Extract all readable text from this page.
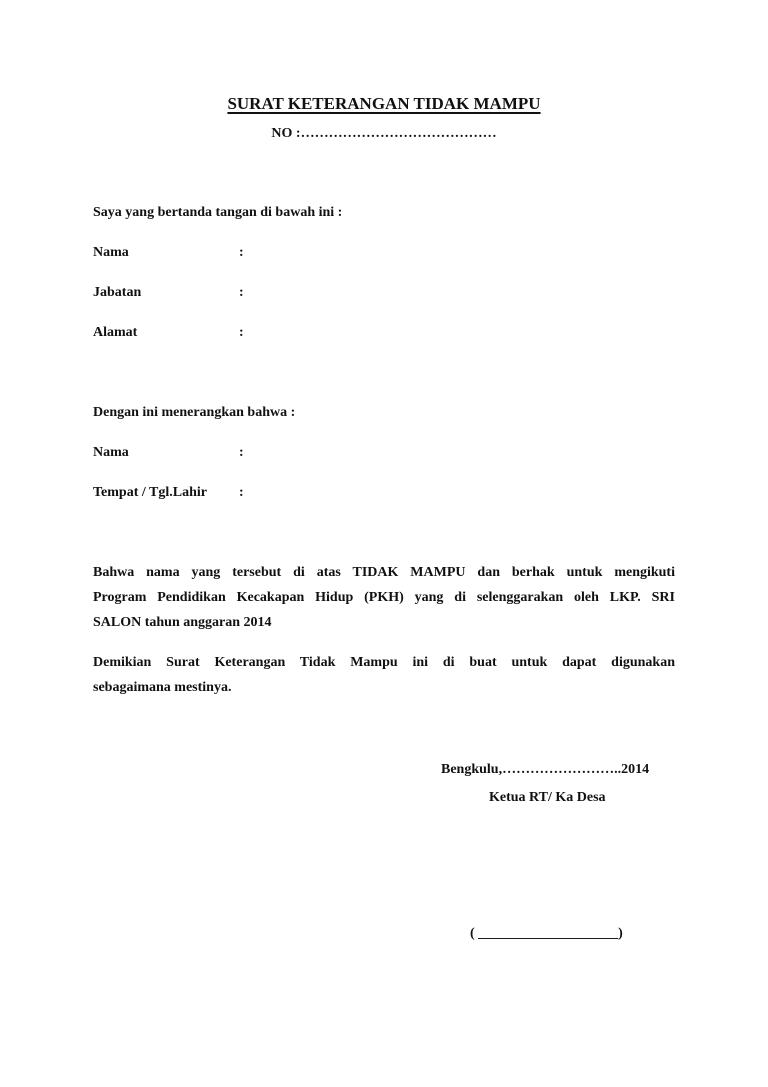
SURAT KETERANGAN TIDAK MAMPU
NO :……………………………………
Saya yang bertanda tangan di bawah ini :
Nama	:
Jabatan	:
Alamat	:
Dengan ini menerangkan bahwa :
Nama	:
Tempat / Tgl.Lahir :
Bahwa nama yang tersebut di atas TIDAK MAMPU dan berhak untuk mengikuti
Program Pendidikan Kecakapan Hidup (PKH) yang di selenggarakan oleh LKP. SRI
SALON tahun anggaran 2014
Demikian Surat Keterangan Tidak Mampu ini di buat untuk dapat digunakan
sebagaimana mestinya.
Bengkulu,……………………..2014
Ketua RT/ Ka Desa
( ____________________)
